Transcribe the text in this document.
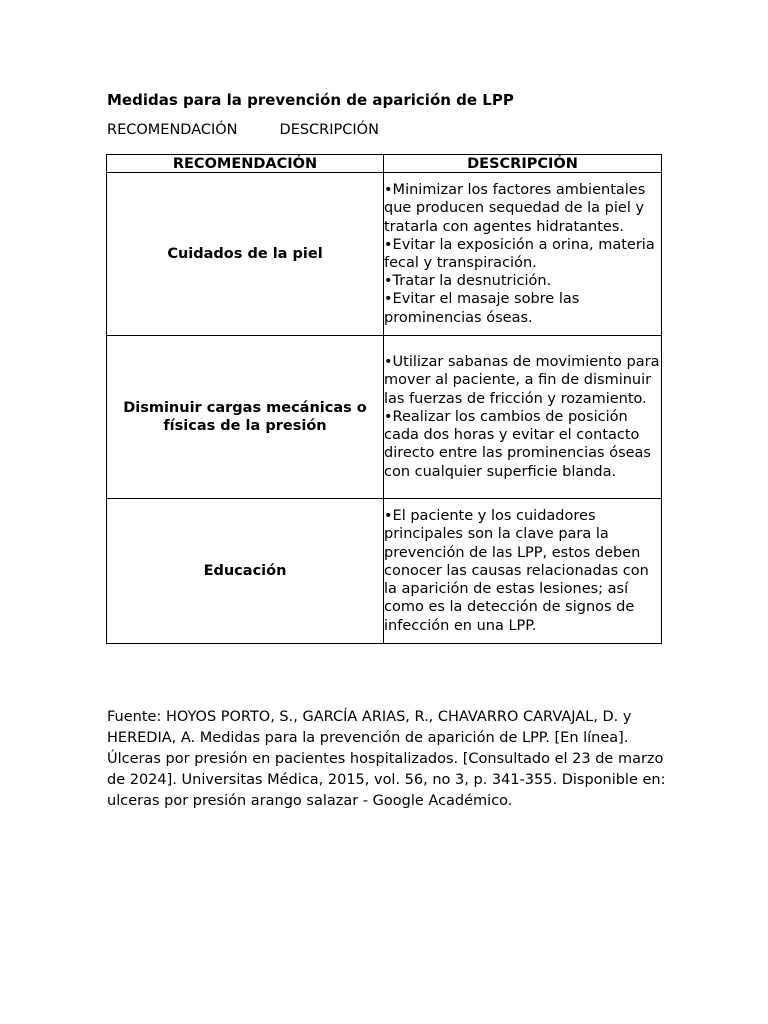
Medidas para la prevención de aparición de LPP
RECOMENDACIÓN	DESCRIPCIÓN
RECOMENDACIÓN	DESCRIPCIÓN
Cuidados de la piel	•Minimizar los factores ambientales que producen sequedad de la piel y tratarla con agentes hidratantes.
•Evitar la exposición a orina, materia fecal y transpiración.
•Tratar la desnutrición.
•Evitar el masaje sobre las prominencias óseas.

Disminuir cargas mecánicas o físicas de la presión	•Utilizar sabanas de movimiento para mover al paciente, a fin de disminuir las fuerzas de fricción y rozamiento.
•Realizar los cambios de posición cada dos horas y evitar el contacto directo entre las prominencias óseas con cualquier superficie blanda.

Educación	•El paciente y los cuidadores principales son la clave para la prevención de las LPP, estos deben conocer las causas relacionadas con la aparición de estas lesiones; así como es la detección de signos de infección en una LPP.

Fuente: HOYOS PORTO, S., GARCÍA ARIAS, R., CHAVARRO CARVAJAL, D. y HEREDIA, A. Medidas para la prevención de aparición de LPP. [En línea]. Úlceras por presión en pacientes hospitalizados. [Consultado el 23 de marzo de 2024]. Universitas Médica, 2015, vol. 56, no 3, p. 341-355. Disponible en: ulceras por presión arango salazar - Google Académico.
